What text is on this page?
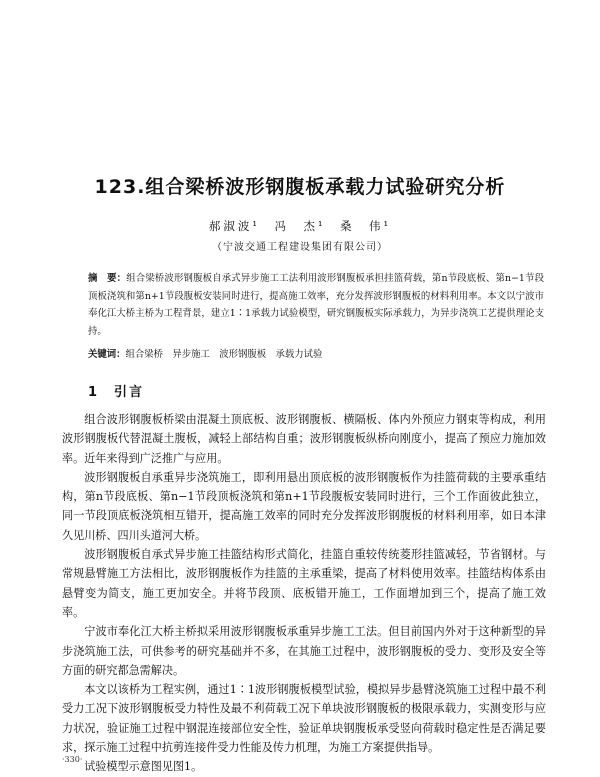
123.组合梁桥波形钢腹板承载力试验研究分析
郝淑波¹　冯　杰¹　桑　伟¹
（宁波交通工程建设集团有限公司）
摘　要：组合梁桥波形钢腹板自承式异步施工工法利用波形钢腹板承担挂篮荷载，第n节段底板、第n−1节段顶板浇筑和第n+1节段腹板安装同时进行，提高施工效率，充分发挥波形钢腹板的材料利用率。本文以宁波市奉化江大桥主桥为工程背景，建立1∶1承载力试验模型，研究钢腹板实际承载力，为异步浇筑工艺提供理论支持。
关键词：组合梁桥　异步施工　波形钢腹板　承载力试验
1　引言

组合波形钢腹板桥梁由混凝土顶底板、波形钢腹板、横隔板、体内外预应力钢束等构成，利用波形钢腹板代替混凝土腹板，减轻上部结构自重；波形钢腹板纵桥向刚度小，提高了预应力施加效率。近年来得到广泛推广与应用。

波形钢腹板自承重异步浇筑施工，即利用悬出顶底板的波形钢腹板作为挂篮荷载的主要承重结构，第n节段底板、第n−1节段顶板浇筑和第n+1节段腹板安装同时进行，三个工作面彼此独立，同一节段顶底板浇筑相互错开，提高施工效率的同时充分发挥波形钢腹板的材料利用率，如日本津久见川桥、四川头道河大桥。

波形钢腹板自承式异步施工挂篮结构形式简化，挂篮自重较传统菱形挂篮减轻，节省钢材。与常规悬臂施工方法相比，波形钢腹板作为挂篮的主承重梁，提高了材料使用效率。挂篮结构体系由悬臂变为简支，施工更加安全。并将节段顶、底板错开施工，工作面增加到三个，提高了施工效率。

宁波市奉化江大桥主桥拟采用波形钢腹板承重异步施工工法。但目前国内外对于这种新型的异步浇筑施工法，可供参考的研究基础并不多，在其施工过程中，波形钢腹板的受力、变形及安全等方面的研究都急需解决。

本文以该桥为工程实例，通过1∶1波形钢腹板模型试验，模拟异步悬臂浇筑施工过程中最不利受力工况下波形钢腹板受力特性及最不利荷载工况下单块波形钢腹板的极限承载力，实测变形与应力状况，验证施工过程中钢混连接部位安全性，验证单块钢腹板承受竖向荷载时稳定性是否满足要求，探示施工过程中抗剪连接件受力性能及传力机理，为施工方案提供指导。

试验模型示意图见图1。

·330·
